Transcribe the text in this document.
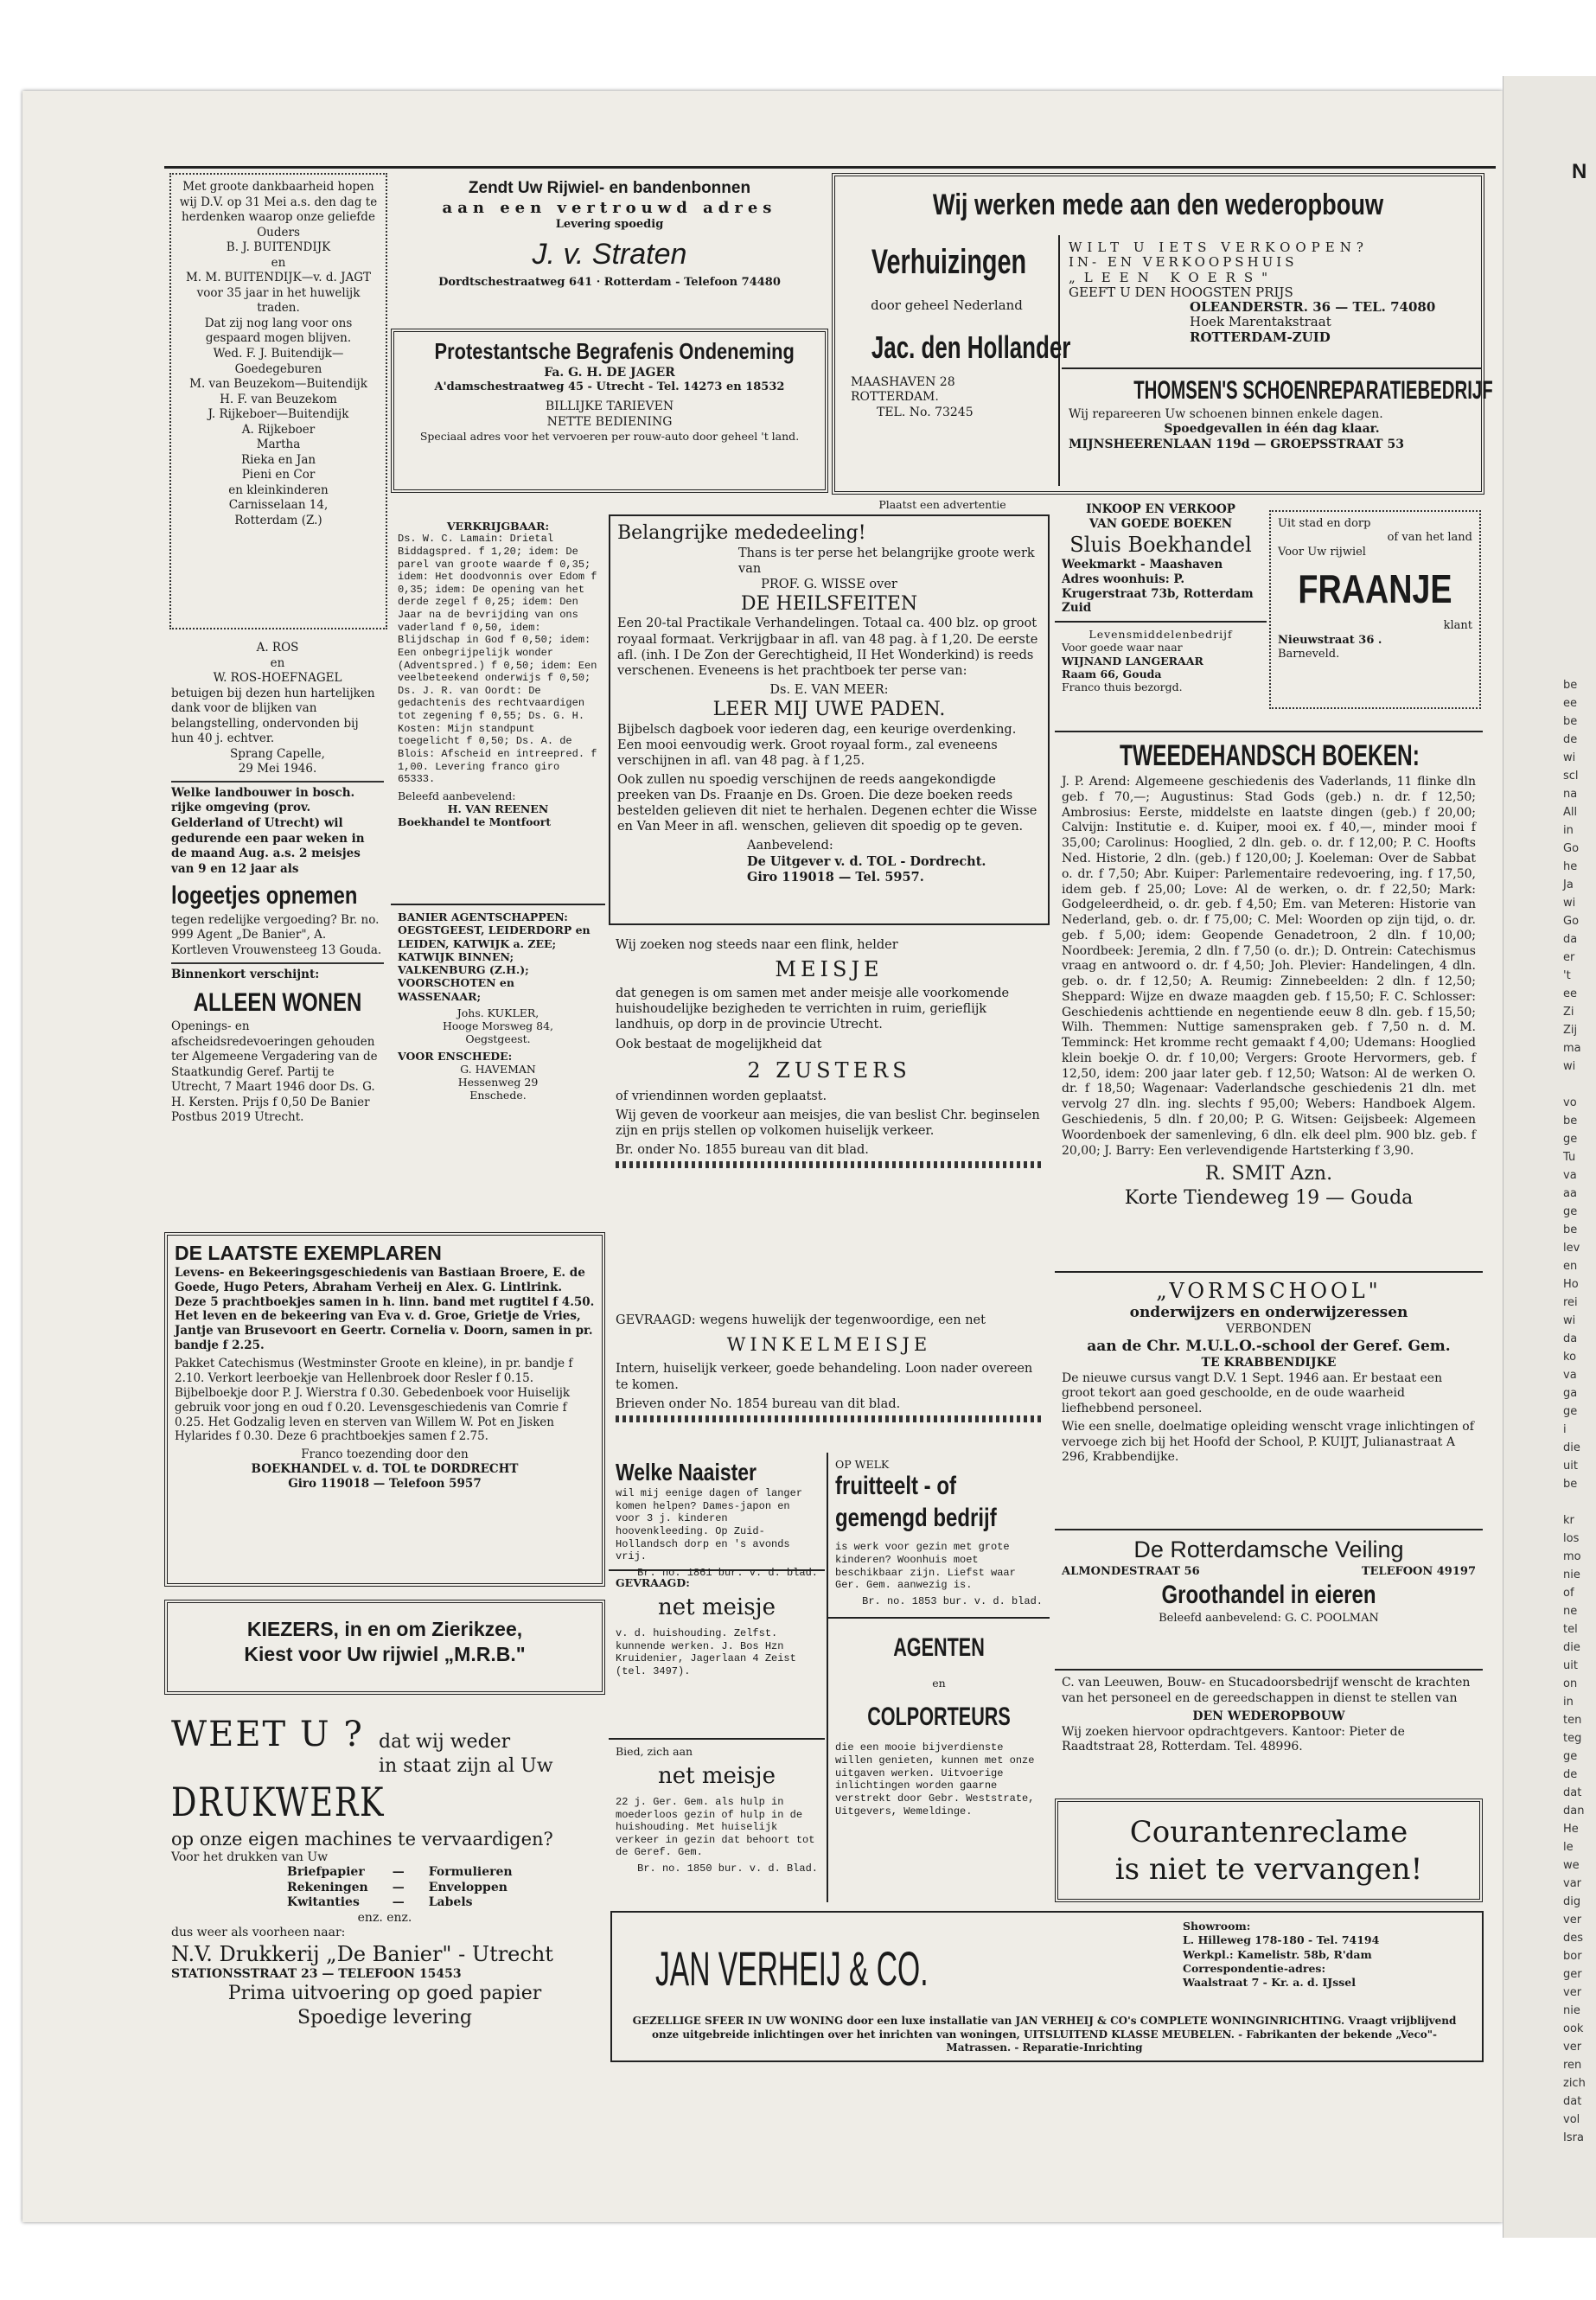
N
be
ee
be
de
wi
scl
na
All
in
Go
he
Ja
wi
Go
da
er
't
ee
Zi
Zij
ma
wi
vo
be
ge
Tu
va
aa
ge
be
lev
en
Ho
rei
wi
da
ko
va
ga
ge
i
die
uit
be
kr
los
mo
nie
of
ne
tel
die
uit
on
in
ten
teg
ge
de
dat
dan
He
le
we
var
dig
ver
des
bor
ger
ver
nie
ook
ver
ren
zich
dat
vol
Isra
Met groote dankbaarheid hopen wij D.V. op 31 Mei a.s. den dag te herdenken waarop onze geliefde Ouders
B. J. BUITENDIJK
en
M. M. BUITENDIJK—v. d. JAGT
voor 35 jaar in het huwelijk traden.
Dat zij nog lang voor ons gespaard mogen blijven.
Wed. F. J. Buitendijk—Goedegeburen
M. van Beuzekom—Buitendijk
H. F. van Beuzekom
J. Rijkeboer—Buitendijk
A. Rijkeboer
Martha
Rieka en Jan
Pieni en Cor
en kleinkinderen
Carnisselaan 14,
Rotterdam (Z.)
A. ROS
en
W. ROS-HOEFNAGEL
betuigen bij dezen hun hartelijken dank voor de blijken van belangstelling, ondervonden bij hun 40 j. echtver.
Sprang Capelle,
29 Mei 1946.

Welke landbouwer in bosch. rijke omgeving (prov. Gelderland of Utrecht) wil gedurende een paar weken in de maand Aug. a.s. 2 meisjes van 9 en 12 jaar als

logeetjes opnemen

tegen redelijke vergoeding? Br. no. 999 Agent „De Banier", A. Kortleven Vrouwensteeg 13 Gouda.

Binnenkort verschijnt:

ALLEEN WONEN

Openings- en afscheidsredevoeringen gehouden ter Algemeene Vergadering van de Staatkundig Geref. Partij te Utrecht, 7 Maart 1946 door Ds. G. H. Kersten. Prijs f 0,50 De Banier Postbus 2019 Utrecht.

Zendt Uw Rijwiel- en bandenbonnen
aan een vertrouwd adres
Levering spoedig
J. v. Straten
Dordtschestraatweg 641 · Rotterdam - Telefoon 74480
Protestantsche Begrafenis Ondeneming
Fa. G. H. DE JAGER
A'damschestraatweg 45 - Utrecht - Tel. 14273 en 18532
BILLIJKE TARIEVEN
NETTE BEDIENING
Speciaal adres voor het vervoeren per rouw-auto door geheel 't land.
VERKRIJGBAAR:

Ds. W. C. Lamain: Drietal Biddagspred. f 1,20; idem: De parel van groote waarde f 0,35; idem: Het doodvonnis over Edom f 0,35; idem: De opening van het derde zegel f 0,25; idem: Den Jaar na de bevrijding van ons vaderland f 0,50, idem: Blijdschap in God f 0,50; idem: Een onbegrijpelijk wonder (Adventspred.) f 0,50; idem: Een veelbeteekend onderwijs f 0,50; Ds. J. R. van Oordt: De gedachtenis des rechtvaardigen tot zegening f 0,55; Ds. G. H. Kosten: Mijn standpunt toegelicht f 0,50; Ds. A. de Blois: Afscheid en intreepred. f 1,00. Levering franco giro 65333.

Beleefd aanbevelend:
H. VAN REENEN
Boekhandel te Montfoort
BANIER AGENTSCHAPPEN:

OEGSTGEEST, LEIDERDORP en LEIDEN, KATWIJK a. ZEE; KATWIJK BINNEN; VALKENBURG (Z.H.); VOORSCHOTEN en WASSENAAR;

Johs. KUKLER,
Hooge Morsweg 84,
Oegstgeest.
VOOR ENSCHEDE:
G. HAVEMAN
Hessenweg 29
Enschede.
DE LAATSTE EXEMPLAREN

Levens- en Bekeeringsgeschiedenis van Bastiaan Broere, E. de Goede, Hugo Peters, Abraham Verheij en Alex. G. Lintlrink. Deze 5 prachtboekjes samen in h. linn. band met rugtitel f 4.50. Het leven en de bekeering van Eva v. d. Groe, Grietje de Vries, Jantje van Brusevoort en Geertr. Cornelia v. Doorn, samen in pr. bandje f 2.25.

Pakket Catechismus (Westminster Groote en kleine), in pr. bandje f 2.10. Verkort leerboekje van Hellenbroek door Resler f 0.15. Bijbelboekje door P. J. Wierstra f 0.30. Gebedenboek voor Huiselijk gebruik voor jong en oud f 0.20. Levensgeschiedenis van Comrie f 0.25. Het Godzalig leven en sterven van Willem W. Pot en Jisken Hylarides f 0.30. Deze 6 prachtboekjes samen f 2.75.

Franco toezending door den
BOEKHANDEL v. d. TOL te DORDRECHT
Giro 119018 — Telefoon 5957
KIEZERS, in en om Zierikzee,
Kiest voor Uw rijwiel „M.R.B."
WEET U ? dat wij weder
in staat zijn al Uw
DRUKWERK
op onze eigen machines te vervaardigen?
Voor het drukken van Uw
Briefpapier	—	Formulieren
Rekeningen	—	Enveloppen
Kwitanties	—	Labels
enz. enz.
dus weer als voorheen naar:
N.V. Drukkerij „De Banier" - Utrecht
STATIONSSTRAAT 23 — TELEFOON 15453
Prima uitvoering op goed papier
Spoedige levering
Wij werken mede aan den wederopbouw
Verhuizingen
door geheel Nederland
Jac. den Hollander
MAASHAVEN 28
ROTTERDAM.
TEL. No. 73245
WILT U IETS VERKOOPEN?
IN- EN VERKOOPSHUIS
„LEEN KOERS"
GEEFT U DEN HOOGSTEN PRIJS
OLEANDERSTR. 36 — TEL. 74080
Hoek Marentakstraat
ROTTERDAM-ZUID
THOMSEN'S SCHOENREPARATIEBEDRIJF
Wij repareeren Uw schoenen binnen enkele dagen.
Spoedgevallen in één dag klaar.
MIJNSHEERENLAAN 119d — GROEPSSTRAAT 53
Plaatst een advertentie
Belangrijke mededeeling!
Thans is ter perse het belangrijke groote werk van
PROF. G. WISSE over
DE HEILSFEITEN

Een 20-tal Practikale Verhandelingen. Totaal ca. 400 blz. op groot royaal formaat. Verkrijgbaar in afl. van 48 pag. à f 1,20. De eerste afl. (inh. I De Zon der Gerechtigheid, II Het Wonderkind) is reeds verschenen. Eveneens is het prachtboek ter perse van:

Ds. E. VAN MEER:
LEER MIJ UWE PADEN.

Bijbelsch dagboek voor iederen dag, een keurige overdenking. Een mooi eenvoudig werk. Groot royaal form., zal eveneens verschijnen in afl. van 48 pag. à f 1,25.

Ook zullen nu spoedig verschijnen de reeds aangekondigde preeken van Ds. Fraanje en Ds. Groen. Die deze boeken reeds bestelden gelieven dit niet te herhalen. Degenen echter die Wisse en Van Meer in afl. wenschen, gelieven dit spoedig op te geven.

Aanbevelend:
De Uitgever v. d. TOL - Dordrecht.
Giro 119018 — Tel. 5957.
Wij zoeken nog steeds naar een flink, helder
MEISJE

dat genegen is om samen met ander meisje alle voorkomende huishoudelijke bezigheden te verrichten in ruim, gerieflijk landhuis, op dorp in de provincie Utrecht.

Ook bestaat de mogelijkheid dat

2 ZUSTERS

of vriendinnen worden geplaatst.

Wij geven de voorkeur aan meisjes, die van beslist Chr. beginselen zijn en prijs stellen op volkomen huiselijk verkeer.

Br. onder No. 1855 bureau van dit blad.

GEVRAAGD: wegens huwelijk der tegenwoordige, een net
WINKELMEISJE

Intern, huiselijk verkeer, goede behandeling. Loon nader overeen te komen.

Brieven onder No. 1854 bureau van dit blad.

Welke Naaister

wil mij eenige dagen of langer komen helpen? Dames-japon en voor 3 j. kinderen hoovenkleeding. Op Zuid-Hollandsch dorp en 's avonds vrij.

Br. no. 1861 bur. v. d. blad.
GEVRAAGD:
net meisje

v. d. huishouding. Zelfst. kunnende werken. J. Bos Hzn Kruidenier, Jagerlaan 4 Zeist (tel. 3497).

Bied, zich aan
net meisje

22 j. Ger. Gem. als hulp in moederloos gezin of hulp in de huishouding. Met huiselijk verkeer in gezin dat behoort tot de Geref. Gem.

Br. no. 1850 bur. v. d. Blad.
OP WELK
fruitteelt - of
gemengd bedrijf

is werk voor gezin met grote kinderen? Woonhuis moet beschikbaar zijn. Liefst waar Ger. Gem. aanwezig is.

Br. no. 1853 bur. v. d. blad.
AGENTEN
en
COLPORTEURS

die een mooie bijverdienste willen genieten, kunnen met onze uitgaven werken. Uitvoerige inlichtingen worden gaarne verstrekt door Gebr. Weststrate, Uitgevers, Wemeldinge.

INKOOP EN VERKOOP
VAN GOEDE BOEKEN
Sluis Boekhandel

Weekmarkt - Maashaven Adres woonhuis: P. Krugerstraat 73b, Rotterdam Zuid

Levensmiddelenbedrijf
Voor goede waar naar
WIJNAND LANGERAAR
Raam 66, Gouda
Franco thuis bezorgd.
Uit stad en dorp
of van het land
Voor Uw rijwiel
FRAANJE
klant
Nieuwstraat 36 .
Barneveld.
TWEEDEHANDSCH BOEKEN:

J. P. Arend: Algemeene geschiedenis des Vaderlands, 11 flinke dln geb. f 70,—; Augustinus: Stad Gods (geb.) n. dr. f 12,50; Ambrosius: Eerste, middelste en laatste dingen (geb.) f 20,00; Calvijn: Institutie e. d. Kuiper, mooi ex. f 40,—, minder mooi f 35,00; Carolinus: Hooglied, 2 dln. geb. o. dr. f 12,00; P. C. Hoofts Ned. Historie, 2 dln. (geb.) f 120,00; J. Koeleman: Over de Sabbat o. dr. f 7,50; Abr. Kuiper: Parlementaire redevoering, ing. f 17,50, idem geb. f 25,00; Love: Al de werken, o. dr. f 22,50; Mark: Godgeleerdheid, o. dr. geb. f 4,50; Em. van Meteren: Historie van Nederland, geb. o. dr. f 75,00; C. Mel: Woorden op zijn tijd, o. dr. geb. f 5,00; idem: Geopende Genadetroon, 2 dln. f 10,00; Noordbeek: Jeremia, 2 dln. f 7,50 (o. dr.); D. Ontrein: Catechismus vraag en antwoord o. dr. f 4,50; Joh. Plevier: Handelingen, 4 dln. geb. o. dr. f 12,50; A. Reumig: Zinnebeelden: 2 dln. f 12,50; Sheppard: Wijze en dwaze maagden geb. f 15,50; F. C. Schlosser: Geschiedenis achttiende en negentiende eeuw 8 dln. geb. f 15,50; Wilh. Themmen: Nuttige samenspraken geb. f 7,50 n. d. M. Temminck: Het kromme recht gemaakt f 4,00; Udemans: Hooglied klein boekje O. dr. f 10,00; Vergers: Groote Hervormers, geb. f 12,50, idem: 200 jaar later geb. f 12,50; Watson: Al de werken O. dr. f 18,50; Wagenaar: Vaderlandsche geschiedenis 21 dln. met vervolg 27 dln. ing. slechts f 95,00; Webers: Handboek Algem. Geschiedenis, 5 dln. f 20,00; P. G. Witsen: Geijsbeek: Algemeen Woordenboek der samenleving, 6 dln. elk deel plm. 900 blz. geb. f 20,00; J. Barry: Een verlevendigende Hartsterking f 3,90.

R. SMIT Azn.
Korte Tiendeweg 19 — Gouda
„VORMSCHOOL"
onderwijzers en onderwijzeressen
VERBONDEN
aan de Chr. M.U.L.O.-school der Geref. Gem.
TE KRABBENDIJKE

De nieuwe cursus vangt D.V. 1 Sept. 1946 aan. Er bestaat een groot tekort aan goed geschoolde, en de oude waarheid liefhebbend personeel.

Wie een snelle, doelmatige opleiding wenscht vrage inlichtingen of vervoege zich bij het Hoofd der School, P. KUIJT, Julianastraat A 296, Krabbendijke.

De Rotterdamsche Veiling
ALMONDESTRAAT 56	TELEFOON 49197
Groothandel in eieren
Beleefd aanbevelend: G. C. POOLMAN

C. van Leeuwen, Bouw- en Stucadoorsbedrijf wenscht de krachten van het personeel en de gereedschappen in dienst te stellen van

DEN WEDEROPBOUW

Wij zoeken hiervoor opdrachtgevers. Kantoor: Pieter de Raadtstraat 28, Rotterdam. Tel. 48996.

Courantenreclame
is niet te vervangen!
JAN VERHEIJ & CO.
Showroom:
L. Hilleweg 178-180 - Tel. 74194
Werkpl.: Kamelistr. 58b, R'dam
Correspondentie-adres:
Waalstraat 7 - Kr. a. d. IJssel
GEZELLIGE SFEER IN UW WONING door een luxe installatie van JAN VERHEIJ & CO's COMPLETE WONINGINRICHTING. Vraagt vrijblijvend onze uitgebreide inlichtingen over het inrichten van woningen, UITSLUITEND KLASSE MEUBELEN. - Fabrikanten der bekende „Veco"-Matrassen. - Reparatie-Inrichting
